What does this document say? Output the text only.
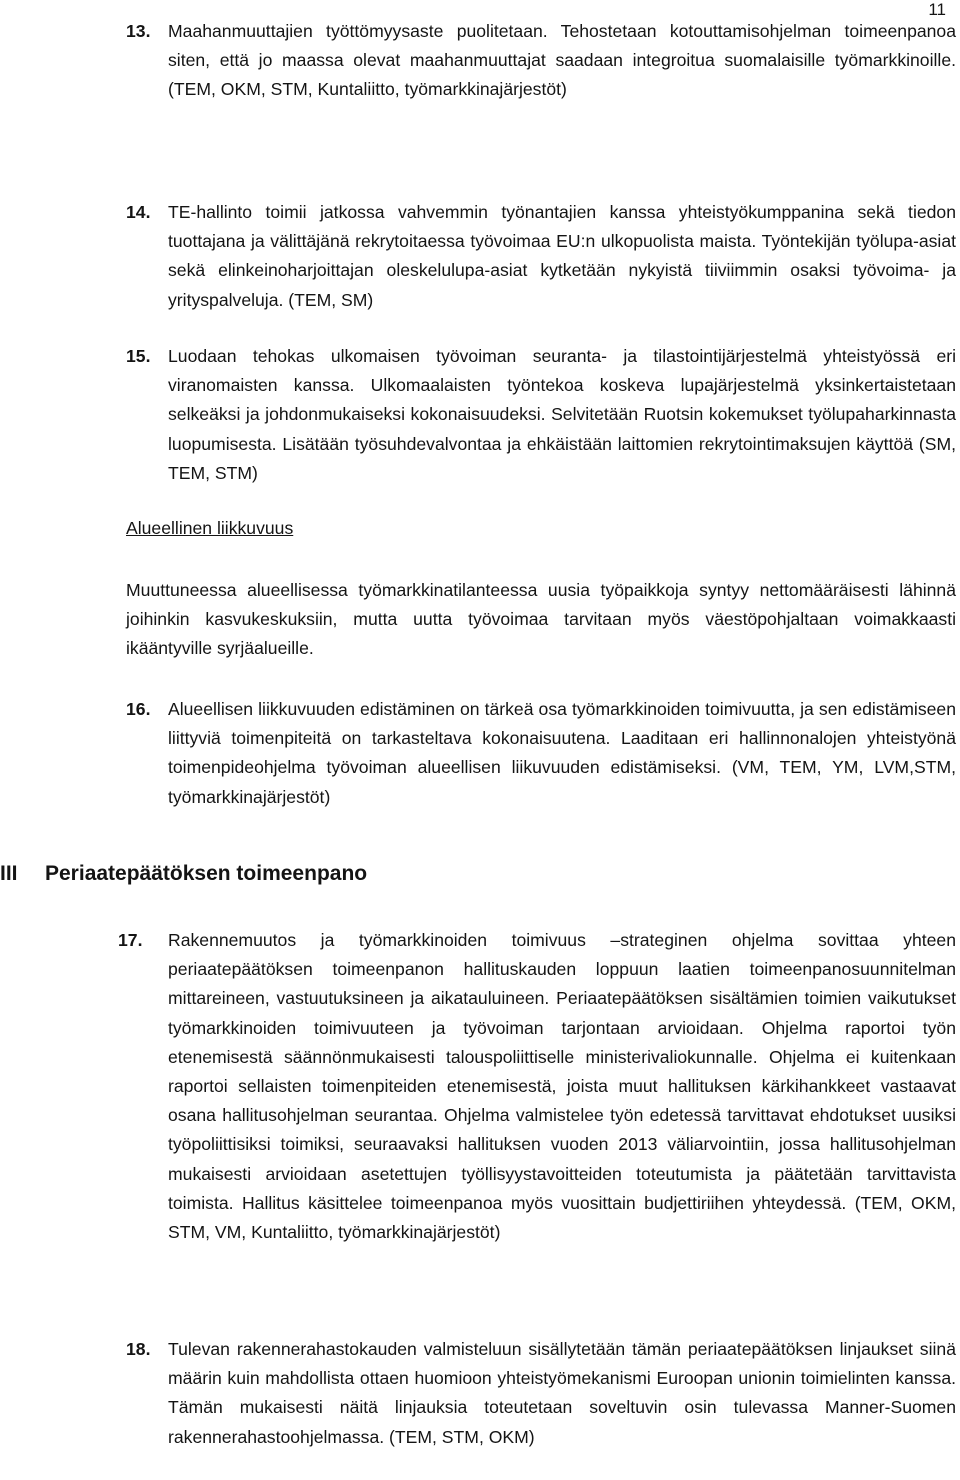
11

13. Maahanmuuttajien työttömyysaste puolitetaan. Tehostetaan kotouttamisohjelman toimeenpanoa siten, että jo maassa olevat maahanmuuttajat saadaan integroitua suomalaisille työmarkkinoille. (TEM, OKM, STM, Kuntaliitto, työmarkkinajärjestöt)
14. TE-hallinto toimii jatkossa vahvemmin työnantajien kanssa yhteistyökumppanina sekä tiedon tuottajana ja välittäjänä rekrytoitaessa työvoimaa EU:n ulkopuolista maista. Työntekijän työlupa-asiat sekä elinkeinoharjoittajan oleskelulupa-asiat kytketään nykyistä tiiviimmin osaksi työvoima- ja yrityspalveluja. (TEM, SM)
15. Luodaan tehokas ulkomaisen työvoiman seuranta- ja tilastointijärjestelmä yhteistyössä eri viranomaisten kanssa. Ulkomaalaisten työntekoa koskeva lupajärjestelmä yksinkertaistetaan selkeäksi ja johdonmukaiseksi kokonaisuudeksi. Selvitetään Ruotsin kokemukset työlupaharkinnasta luopumisesta. Lisätään työsuhdevalvontaa ja ehkäistään laittomien rekrytointimaksujen käyttöä (SM, TEM, STM)
Alueellinen liikkuvuus

Muuttuneessa alueellisessa työmarkkinatilanteessa uusia työpaikkoja syntyy nettomääräisesti lähinnä joihinkin kasvukeskuksiin, mutta uutta työvoimaa tarvitaan myös väestöpohjaltaan voimakkaasti ikääntyville syrjäalueille.

16. Alueellisen liikkuvuuden edistäminen on tärkeä osa työmarkkinoiden toimivuutta, ja sen edistämiseen liittyviä toimenpiteitä on tarkasteltava kokonaisuutena. Laaditaan eri hallinnonalojen yhteistyönä toimenpideohjelma työvoiman alueellisen liikuvuuden edistämiseksi. (VM, TEM, YM, LVM,STM, työmarkkinajärjestöt)
III Periaatepäätöksen toimeenpano
17. Rakennemuutos ja työmarkkinoiden toimivuus –strateginen ohjelma sovittaa yhteen periaatepäätöksen toimeenpanon hallituskauden loppuun laatien toimeenpanosuunnitelman mittareineen, vastuutuksineen ja aikatauluineen. Periaatepäätöksen sisältämien toimien vaikutukset työmarkkinoiden toimivuuteen ja työvoiman tarjontaan arvioidaan. Ohjelma raportoi työn etenemisestä säännönmukaisesti talouspoliittiselle ministerivaliokunnalle. Ohjelma ei kuitenkaan raportoi sellaisten toimenpiteiden etenemisestä, joista muut hallituksen kärkihankkeet vastaavat osana hallitusohjelman seurantaa. Ohjelma valmistelee työn edetessä tarvittavat ehdotukset uusiksi työpoliittisiksi toimiksi, seuraavaksi hallituksen vuoden 2013 väliarvointiin, jossa hallitusohjelman mukaisesti arvioidaan asetettujen työllisyystavoitteiden toteutumista ja päätetään tarvittavista toimista. Hallitus käsittelee toimeenpanoa myös vuosittain budjettiriihen yhteydessä. (TEM, OKM, STM, VM, Kuntaliitto, työmarkkinajärjestöt)
18. Tulevan rakennerahastokauden valmisteluun sisällytetään tämän periaatepäätöksen linjaukset siinä määrin kuin mahdollista ottaen huomioon yhteistyömekanismi Euroopan unionin toimielinten kanssa. Tämän mukaisesti näitä linjauksia toteutetaan soveltuvin osin tulevassa Manner-Suomen rakennerahastoohjelmassa. (TEM, STM, OKM)
